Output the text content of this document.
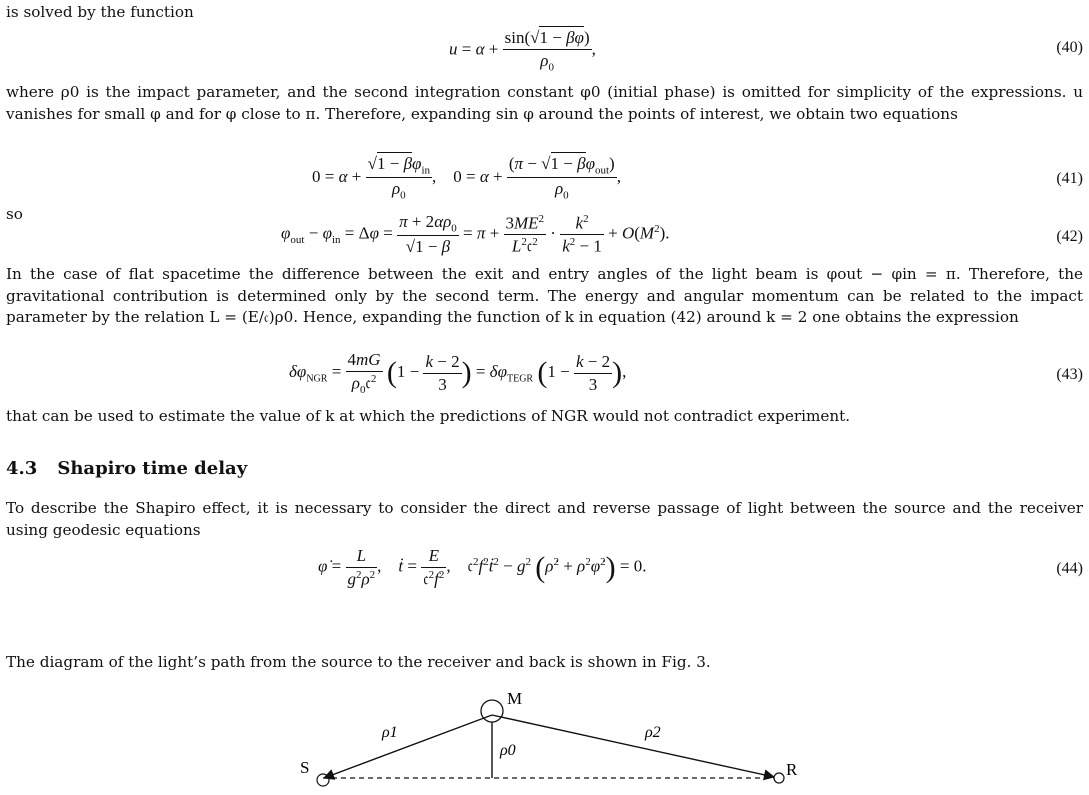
is solved by the function

$u = \alpha + \frac{\sin(√1 - \beta\varphi)}{\rho_0}$ ,	(40)

where ρ0 is the impact parameter, and the second integration constant φ0 (initial phase) is omitted for simplicity of the expressions. u vanishes for small φ and for φ close to π. Therefore, expanding sin φ around the points of interest, we obtain two equations

$0 = \alpha + \frac{√1 - \beta\varphi_{in}}{\rho_0}$ ,    $0 = \alpha + \frac{(\pi - √1 - \beta\varphi_{out})}{\rho_0}$ ,	(41)

so

$\varphi_{out} - \varphi_{in} = \Delta\varphi = \frac{\pi + 2\alpha\rho_0}{√1 - \beta} = \pi + \frac{3ME^2}{L^2𝔠^2} \cdot \frac{k^2}{k^2 - 1} + O(M^2)$.	(42)

In the case of flat spacetime the difference between the exit and entry angles of the light beam is φout − φin = π. Therefore, the gravitational contribution is determined only by the second term. The energy and angular momentum can be related to the impact parameter by the relation L = (E/𝔠)ρ0. Hence, expanding the function of k in equation (42) around k = 2 one obtains the expression

$\delta\varphi_{NGR} = \frac{4mG}{\rho_0𝔠^2} (1 - \frac{k - 2}{3}$ ) = $\delta\varphi_{TEGR}$ ($1 - \frac{k - 2}{3}$ ),	(43)

that can be used to estimate the value of k at which the predictions of NGR would not contradict experiment.

4.3 Shapiro time delay

To describe the Shapiro effect, it is necessary to consider the direct and reverse passage of light between the source and the receiver using geodesic equations

φ̇ = $\frac{L}{g^2\rho^2}$ ,    ṫ = $\frac{E}{𝔠^2f^2}$ ,    $𝔠^2f^2ṫ^2 - g^2$ (ρ̇$^2$ + $\rho^2\varphi̇^2) = 0$.	(44)

The diagram of the light’s path from the source to the receiver and back is shown in Fig. 3.

M
S	R
ρ1	ρ2
ρ0
